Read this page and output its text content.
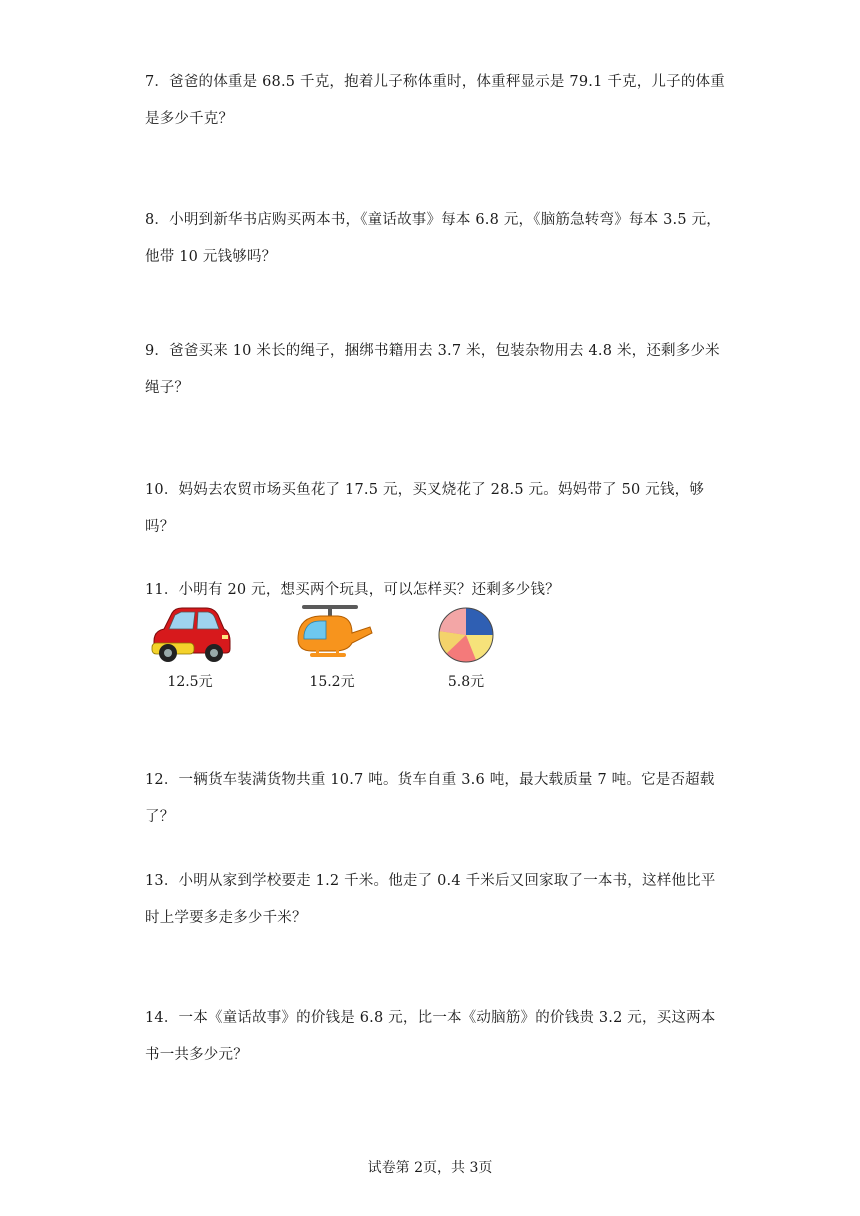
7．爸爸的体重是 68.5 千克，抱着儿子称体重时，体重秤显示是 79.1 千克，儿子的体重是多少千克？
8．小明到新华书店购买两本书，《童话故事》每本 6.8 元，《脑筋急转弯》每本 3.5 元，他带 10 元钱够吗？
9．爸爸买来 10 米长的绳子，捆绑书籍用去 3.7 米，包装杂物用去 4.8 米，还剩多少米绳子？
10．妈妈去农贸市场买鱼花了 17.5 元，买叉烧花了 28.5 元。妈妈带了 50 元钱，够吗？
11．小明有 20 元，想买两个玩具，可以怎样买？还剩多少钱？
12.5元	15.2元	5.8元
12．一辆货车装满货物共重 10.7 吨。货车自重 3.6 吨，最大载质量 7 吨。它是否超载了？
13．小明从家到学校要走 1.2 千米。他走了 0.4 千米后又回家取了一本书，这样他比平时上学要多走多少千米？
14．一本《童话故事》的价钱是 6.8 元，比一本《动脑筋》的价钱贵 3.2 元，买这两本书一共多少元？
试卷第 2页，共 3页
